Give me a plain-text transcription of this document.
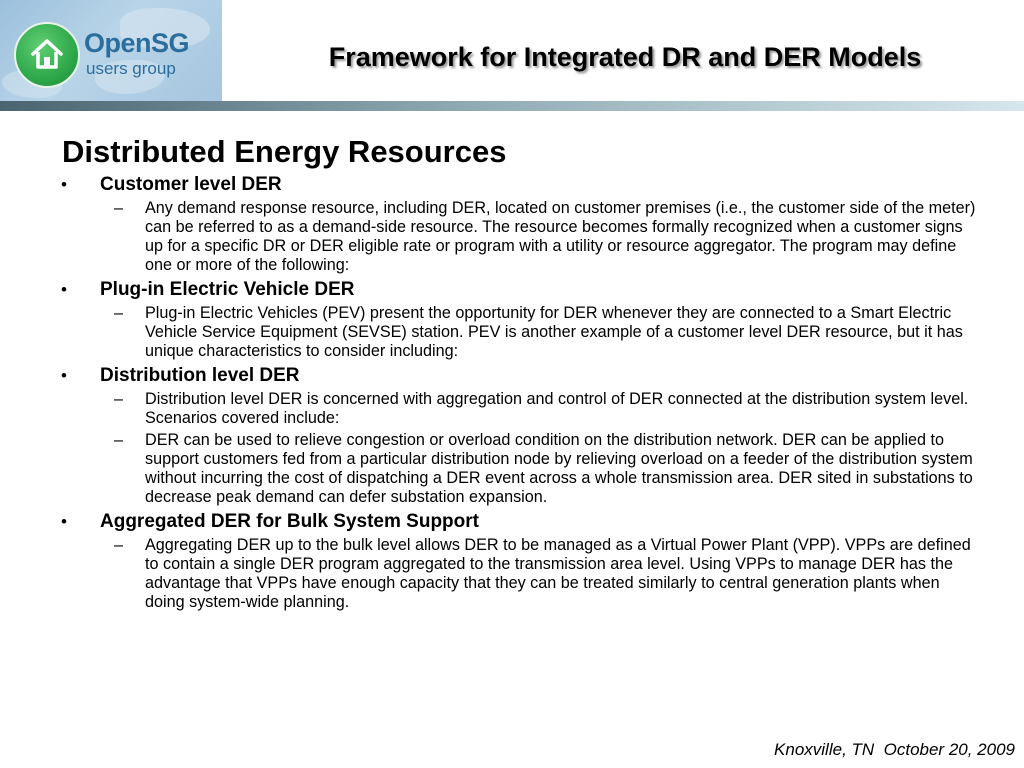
OpenSG
users group	Framework for Integrated DR and DER Models
Distributed Energy Resources
• Customer level DER
– Any demand response resource, including DER, located on customer premises (i.e., the customer side of the meter) can be referred to as a demand-side resource. The resource becomes formally recognized when a customer signs up for a specific DR or DER eligible rate or program with a utility or resource aggregator. The program may define one or more of the following:
• Plug-in Electric Vehicle DER
– Plug-in Electric Vehicles (PEV) present the opportunity for DER whenever they are connected to a Smart Electric Vehicle Service Equipment (SEVSE) station. PEV is another example of a customer level DER resource, but it has unique characteristics to consider including:
• Distribution level DER
– Distribution level DER is concerned with aggregation and control of DER connected at the distribution system level. Scenarios covered include:
– DER can be used to relieve congestion or overload condition on the distribution network. DER can be applied to support customers fed from a particular distribution node by relieving overload on a feeder of the distribution system without incurring the cost of dispatching a DER event across a whole transmission area. DER sited in substations to decrease peak demand can defer substation expansion.
• Aggregated DER for Bulk System Support
– Aggregating DER up to the bulk level allows DER to be managed as a Virtual Power Plant (VPP). VPPs are defined to contain a single DER program aggregated to the transmission area level. Using VPPs to manage DER has the advantage that VPPs have enough capacity that they can be treated similarly to central generation plants when doing system-wide planning.
Knoxville, TN  October 20, 2009
